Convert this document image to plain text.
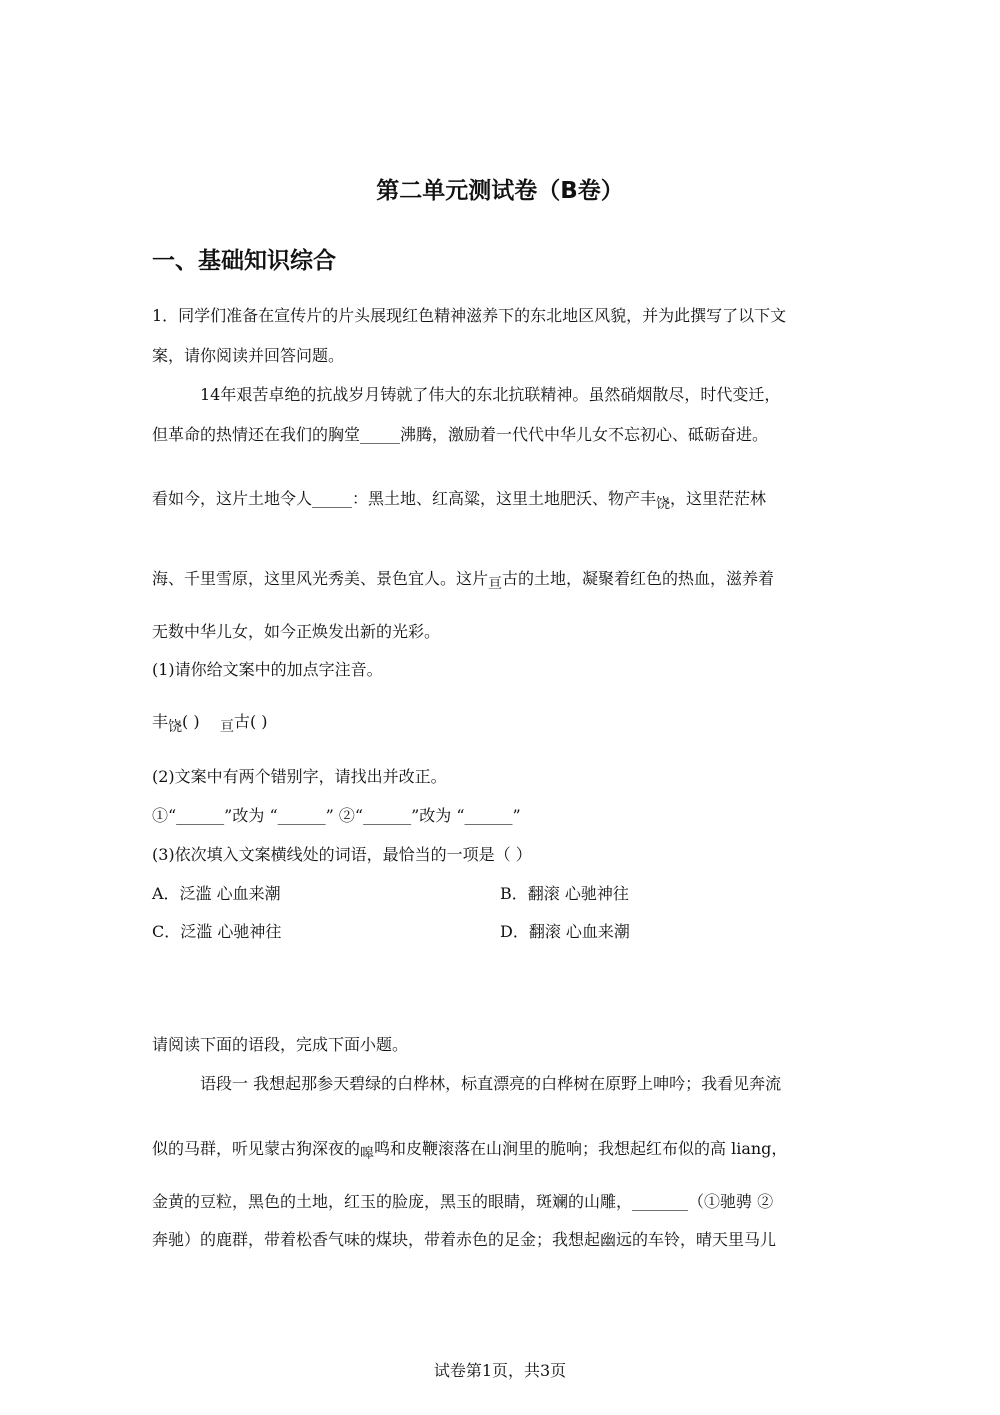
第二单元测试卷（B卷）
一、基础知识综合
1．同学们准备在宣传片的片头展现红色精神滋养下的东北地区风貌，并为此撰写了以下文
案，请你阅读并回答问题。
14年艰苦卓绝的抗战岁月铸就了伟大的东北抗联精神。虽然硝烟散尽，时代变迁，
但革命的热情还在我们的胸堂_____沸腾，激励着一代代中华儿女不忘初心、砥砺奋进。
看如今，这片土地令人_____：黑土地、红高粱，这里土地肥沃、物产丰饶，这里茫茫林
海、千里雪原，这里风光秀美、景色宜人。这片亘古的土地，凝聚着红色的热血，滋养着
无数中华儿女，如今正焕发出新的光彩。
(1)请你给文案中的加点字注音。
丰饶( ) 亘古( )
(2)文案中有两个错别字，请找出并改正。
①“______”改为 “______” ②“______”改为 “______”
(3)依次填入文案横线处的词语，最恰当的一项是（ ）
A．泛滥 心血来潮	B．翻滚 心驰神往
C．泛滥 心驰神往	D．翻滚 心血来潮
请阅读下面的语段，完成下面小题。
语段一 我想起那参天碧绿的白桦林，标直漂亮的白桦树在原野上呻吟；我看见奔流
似的马群，听见蒙古狗深夜的嗥鸣和皮鞭滚落在山涧里的脆响；我想起红布似的高 liang，
金黄的豆粒，黑色的土地，红玉的脸庞，黑玉的眼睛，斑斓的山雕，_______（①驰骋 ②
奔驰）的鹿群，带着松香气味的煤块，带着赤色的足金；我想起幽远的车铃，晴天里马儿
试卷第1页，共3页
